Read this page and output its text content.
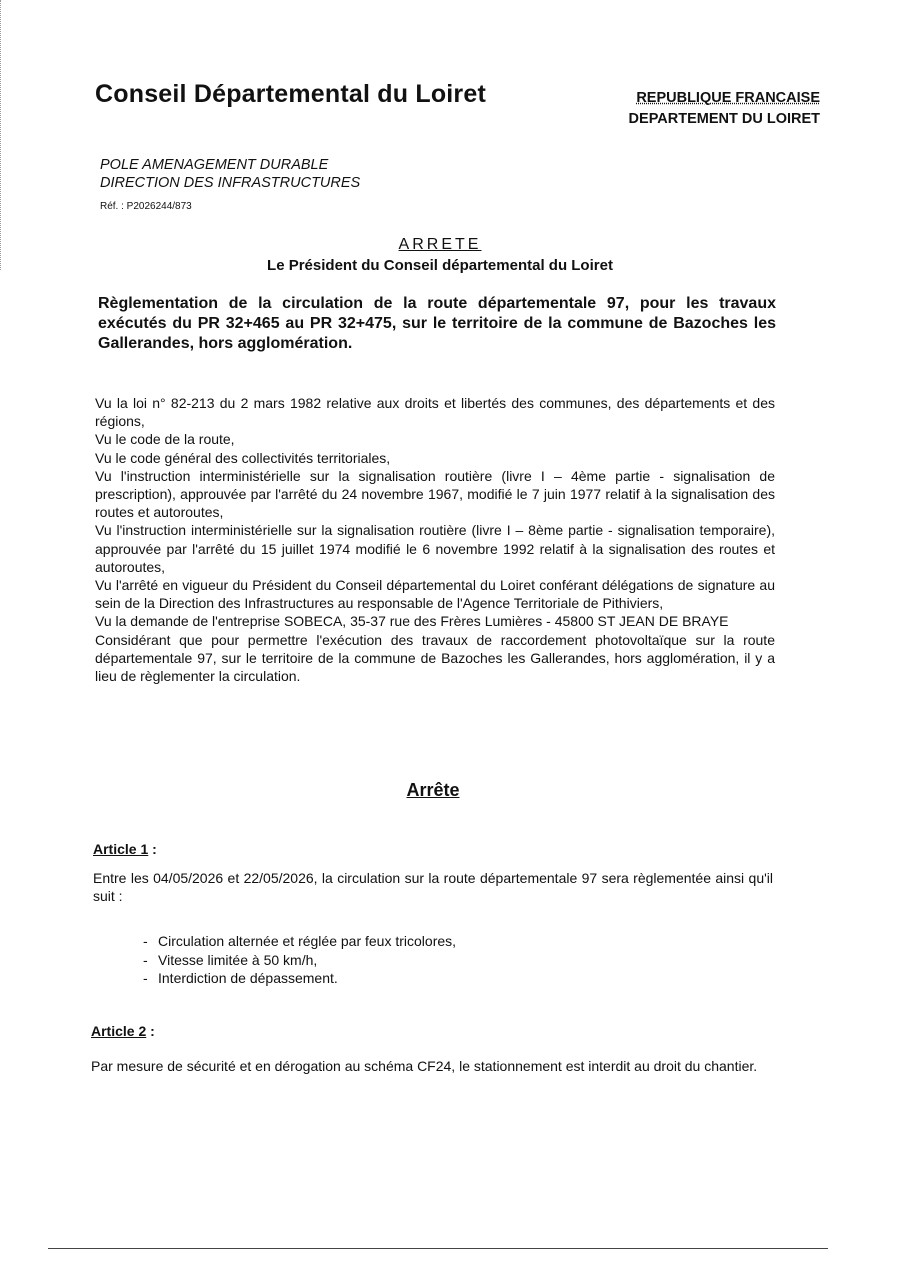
Conseil Départemental du Loiret	REPUBLIQUE FRANCAISE
DEPARTEMENT DU LOIRET
POLE AMENAGEMENT DURABLE
DIRECTION DES INFRASTRUCTURES
Réf. : P2026244/873
ARRETE
Le Président du Conseil départemental du Loiret
Règlementation de la circulation de la route départementale 97, pour les travaux exécutés du PR 32+465 au PR 32+475, sur le territoire de la commune de Bazoches les Gallerandes, hors agglomération.

Vu la loi n° 82-213 du 2 mars 1982 relative aux droits et libertés des communes, des départements et des régions,

Vu le code de la route,

Vu le code général des collectivités territoriales,

Vu l'instruction interministérielle sur la signalisation routière (livre I – 4ème partie - signalisation de prescription), approuvée par l'arrêté du 24 novembre 1967, modifié le 7 juin 1977 relatif à la signalisation des routes et autoroutes,

Vu l'instruction interministérielle sur la signalisation routière (livre I – 8ème partie - signalisation temporaire), approuvée par l'arrêté du 15 juillet 1974 modifié le 6 novembre 1992 relatif à la signalisation des routes et autoroutes,

Vu l'arrêté en vigueur du Président du Conseil départemental du Loiret conférant délégations de signature au sein de la Direction des Infrastructures au responsable de l'Agence Territoriale de Pithiviers,

Vu la demande de l'entreprise SOBECA, 35-37 rue des Frères Lumières - 45800 ST JEAN DE BRAYE

Considérant que pour permettre l'exécution des travaux de raccordement photovoltaïque sur la route départementale 97, sur le territoire de la commune de Bazoches les Gallerandes, hors agglomération, il y a lieu de règlementer la circulation.

Arrête
Article 1 :
Entre les 04/05/2026 et 22/05/2026, la circulation sur la route départementale 97 sera règlementée ainsi qu'il suit :
- Circulation alternée et réglée par feux tricolores,
- Vitesse limitée à 50 km/h,
- Interdiction de dépassement.
Article 2 :
Par mesure de sécurité et en dérogation au schéma CF24, le stationnement est interdit au droit du chantier.
